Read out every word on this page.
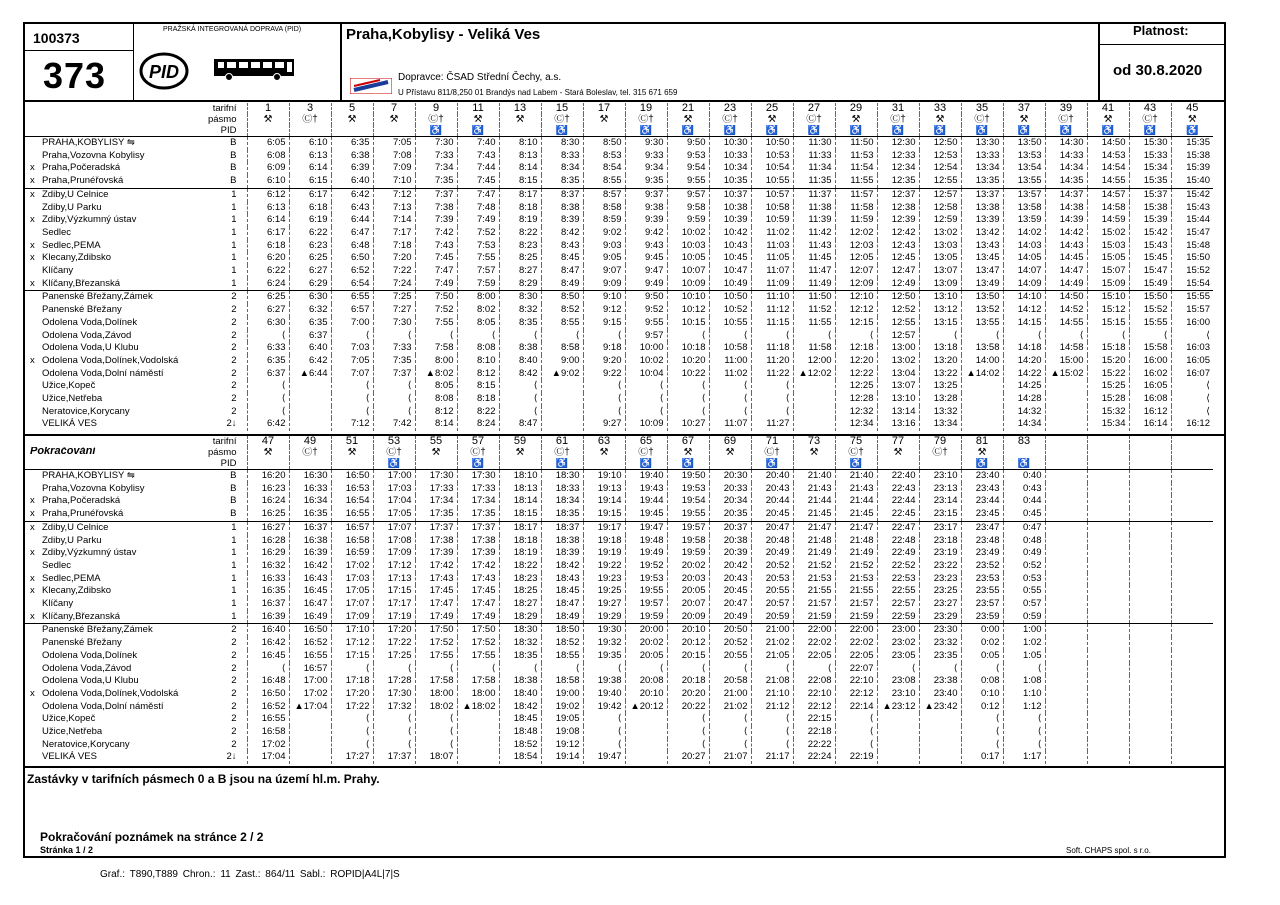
100373
373
PRAŽSKÁ INTEGROVANÁ DOPRAVA (PID)
PID
Praha,Kobylisy - Veliká Ves
Dopravce: ČSAD Střední Čechy, a.s.
U Přístavu 811/8,250 01 Brandýs nad Labem - Stará Boleslav, tel. 315 671 659
Platnost:
od 30.8.2020
tarifní	1	3	5	7	9	11	13	15	17	19	21	23	25	27	29	31	33	35	37	39	41	43	45
pásmo	⚒	Ⓒ†	⚒	⚒	Ⓒ†	⚒	⚒	Ⓒ†	⚒	Ⓒ†	⚒	Ⓒ†	⚒	Ⓒ†	⚒	Ⓒ†	⚒	Ⓒ†	⚒	Ⓒ†	⚒	Ⓒ†	⚒
PID					♿	♿		♿		♿	♿	♿	♿	♿	♿	♿	♿	♿	♿	♿	♿	♿	♿

PRAHA,KOBYLISY ⇋ B	6:05	6:10	6:35	7:05	7:30	7:40	8:10	8:30	8:50	9:30	9:50	10:30	10:50	11:30	11:50	12:30	12:50	13:30	13:50	14:30	14:50	15:30	15:35

Praha,Vozovna Kobylisy B	6:08	6:13	6:38	7:08	7:33	7:43	8:13	8:33	8:53	9:33	9:53	10:33	10:53	11:33	11:53	12:33	12:53	13:33	13:53	14:33	14:53	15:33	15:38

x Praha,Počeradská B	6:09	6:14	6:39	7:09	7:34	7:44	8:14	8:34	8:54	9:34	9:54	10:34	10:54	11:34	11:54	12:34	12:54	13:34	13:54	14:34	14:54	15:34	15:39

x Praha,Prunéřovská B	6:10	6:15	6:40	7:10	7:35	7:45	8:15	8:35	8:55	9:35	9:55	10:35	10:55	11:35	11:55	12:35	12:55	13:35	13:55	14:35	14:55	15:35	15:40

x Zdiby,U Celnice 1	6:12	6:17	6:42	7:12	7:37	7:47	8:17	8:37	8:57	9:37	9:57	10:37	10:57	11:37	11:57	12:37	12:57	13:37	13:57	14:37	14:57	15:37	15:42

Zdiby,U Parku 1	6:13	6:18	6:43	7:13	7:38	7:48	8:18	8:38	8:58	9:38	9:58	10:38	10:58	11:38	11:58	12:38	12:58	13:38	13:58	14:38	14:58	15:38	15:43

x Zdiby,Výzkumný ústav 1	6:14	6:19	6:44	7:14	7:39	7:49	8:19	8:39	8:59	9:39	9:59	10:39	10:59	11:39	11:59	12:39	12:59	13:39	13:59	14:39	14:59	15:39	15:44

Sedlec 1	6:17	6:22	6:47	7:17	7:42	7:52	8:22	8:42	9:02	9:42	10:02	10:42	11:02	11:42	12:02	12:42	13:02	13:42	14:02	14:42	15:02	15:42	15:47

x Sedlec,PEMA 1	6:18	6:23	6:48	7:18	7:43	7:53	8:23	8:43	9:03	9:43	10:03	10:43	11:03	11:43	12:03	12:43	13:03	13:43	14:03	14:43	15:03	15:43	15:48

x Klecany,Zdibsko 1	6:20	6:25	6:50	7:20	7:45	7:55	8:25	8:45	9:05	9:45	10:05	10:45	11:05	11:45	12:05	12:45	13:05	13:45	14:05	14:45	15:05	15:45	15:50

Klíčany 1	6:22	6:27	6:52	7:22	7:47	7:57	8:27	8:47	9:07	9:47	10:07	10:47	11:07	11:47	12:07	12:47	13:07	13:47	14:07	14:47	15:07	15:47	15:52

x Klíčany,Březanská 1	6:24	6:29	6:54	7:24	7:49	7:59	8:29	8:49	9:09	9:49	10:09	10:49	11:09	11:49	12:09	12:49	13:09	13:49	14:09	14:49	15:09	15:49	15:54

Panenské Břežany,Zámek 2	6:25	6:30	6:55	7:25	7:50	8:00	8:30	8:50	9:10	9:50	10:10	10:50	11:10	11:50	12:10	12:50	13:10	13:50	14:10	14:50	15:10	15:50	15:55

Panenské Břežany 2	6:27	6:32	6:57	7:27	7:52	8:02	8:32	8:52	9:12	9:52	10:12	10:52	11:12	11:52	12:12	12:52	13:12	13:52	14:12	14:52	15:12	15:52	15:57

Odolena Voda,Dolínek 2	6:30	6:35	7:00	7:30	7:55	8:05	8:35	8:55	9:15	9:55	10:15	10:55	11:15	11:55	12:15	12:55	13:15	13:55	14:15	14:55	15:15	15:55	16:00

Odolena Voda,Závod 2	⟨	6:37	⟨	⟨	⟨	⟨	⟨	⟨	⟨	9:57	⟨	⟨	⟨	⟨	⟨	12:57	⟨	⟨	⟨	⟨	⟨	⟨	⟨

Odolena Voda,U Klubu 2	6:33	6:40	7:03	7:33	7:58	8:08	8:38	8:58	9:18	10:00	10:18	10:58	11:18	11:58	12:18	13:00	13:18	13:58	14:18	14:58	15:18	15:58	16:03

x Odolena Voda,Dolínek,Vodolská 2	6:35	6:42	7:05	7:35	8:00	8:10	8:40	9:00	9:20	10:02	10:20	11:00	11:20	12:00	12:20	13:02	13:20	14:00	14:20	15:00	15:20	16:00	16:05

Odolena Voda,Dolní náměstí 2	6:37	▲6:44	7:07	7:37	▲8:02	8:12	8:42	▲9:02	9:22	10:04	10:22	11:02	11:22	▲12:02	12:22	13:04	13:22	▲14:02	14:22	▲15:02	15:22	16:02	16:07

Užice,Kopeč 2	⟨		⟨	⟨	8:05	8:15	⟨		⟨	⟨	⟨	⟨	⟨		12:25	13:07	13:25		14:25		15:25	16:05	⟨

Užice,Netřeba 2	⟨		⟨	⟨	8:08	8:18	⟨		⟨	⟨	⟨	⟨	⟨		12:28	13:10	13:28		14:28		15:28	16:08	⟨

Neratovice,Korycany 2	⟨		⟨	⟨	8:12	8:22	⟨		⟨	⟨	⟨	⟨	⟨		12:32	13:14	13:32		14:32		15:32	16:12	⟨

VELIKÁ VES 2↓	6:42		7:12	7:42	8:14	8:24	8:47		9:27	10:09	10:27	11:07	11:27		12:34	13:16	13:34		14:34		15:34	16:14	16:12
tarifní	47	49	51	53	55	57	59	61	63	65	67	69	71	73	75	77	79	81	83				

Pokračování pásmo	⚒	Ⓒ†	⚒	Ⓒ†	⚒	Ⓒ†	⚒	Ⓒ†	⚒	Ⓒ†	⚒	⚒	Ⓒ†	⚒	Ⓒ†	⚒	Ⓒ†	⚒					
PID				♿		♿		♿		♿	♿		♿		♿			♿	♿				

PRAHA,KOBYLISY ⇋ B	16:20	16:30	16:50	17:00	17:30	17:30	18:10	18:30	19:10	19:40	19:50	20:30	20:40	21:40	21:40	22:40	23:10	23:40	0:40				

Praha,Vozovna Kobylisy B	16:23	16:33	16:53	17:03	17:33	17:33	18:13	18:33	19:13	19:43	19:53	20:33	20:43	21:43	21:43	22:43	23:13	23:43	0:43				

x Praha,Počeradská B	16:24	16:34	16:54	17:04	17:34	17:34	18:14	18:34	19:14	19:44	19:54	20:34	20:44	21:44	21:44	22:44	23:14	23:44	0:44				

x Praha,Prunéřovská B	16:25	16:35	16:55	17:05	17:35	17:35	18:15	18:35	19:15	19:45	19:55	20:35	20:45	21:45	21:45	22:45	23:15	23:45	0:45				

x Zdiby,U Celnice 1	16:27	16:37	16:57	17:07	17:37	17:37	18:17	18:37	19:17	19:47	19:57	20:37	20:47	21:47	21:47	22:47	23:17	23:47	0:47				

Zdiby,U Parku 1	16:28	16:38	16:58	17:08	17:38	17:38	18:18	18:38	19:18	19:48	19:58	20:38	20:48	21:48	21:48	22:48	23:18	23:48	0:48				

x Zdiby,Výzkumný ústav 1	16:29	16:39	16:59	17:09	17:39	17:39	18:19	18:39	19:19	19:49	19:59	20:39	20:49	21:49	21:49	22:49	23:19	23:49	0:49				

Sedlec 1	16:32	16:42	17:02	17:12	17:42	17:42	18:22	18:42	19:22	19:52	20:02	20:42	20:52	21:52	21:52	22:52	23:22	23:52	0:52				

x Sedlec,PEMA 1	16:33	16:43	17:03	17:13	17:43	17:43	18:23	18:43	19:23	19:53	20:03	20:43	20:53	21:53	21:53	22:53	23:23	23:53	0:53				

x Klecany,Zdibsko 1	16:35	16:45	17:05	17:15	17:45	17:45	18:25	18:45	19:25	19:55	20:05	20:45	20:55	21:55	21:55	22:55	23:25	23:55	0:55				

Klíčany 1	16:37	16:47	17:07	17:17	17:47	17:47	18:27	18:47	19:27	19:57	20:07	20:47	20:57	21:57	21:57	22:57	23:27	23:57	0:57				

x Klíčany,Březanská 1	16:39	16:49	17:09	17:19	17:49	17:49	18:29	18:49	19:29	19:59	20:09	20:49	20:59	21:59	21:59	22:59	23:29	23:59	0:59				

Panenské Břežany,Zámek 2	16:40	16:50	17:10	17:20	17:50	17:50	18:30	18:50	19:30	20:00	20:10	20:50	21:00	22:00	22:00	23:00	23:30	0:00	1:00				

Panenské Břežany 2	16:42	16:52	17:12	17:22	17:52	17:52	18:32	18:52	19:32	20:02	20:12	20:52	21:02	22:02	22:02	23:02	23:32	0:02	1:02				

Odolena Voda,Dolínek 2	16:45	16:55	17:15	17:25	17:55	17:55	18:35	18:55	19:35	20:05	20:15	20:55	21:05	22:05	22:05	23:05	23:35	0:05	1:05				

Odolena Voda,Závod 2	⟨	16:57	⟨	⟨	⟨	⟨	⟨	⟨	⟨	⟨	⟨	⟨	⟨	⟨	22:07	⟨	⟨	⟨	⟨				

Odolena Voda,U Klubu 2	16:48	17:00	17:18	17:28	17:58	17:58	18:38	18:58	19:38	20:08	20:18	20:58	21:08	22:08	22:10	23:08	23:38	0:08	1:08				

x Odolena Voda,Dolínek,Vodolská 2	16:50	17:02	17:20	17:30	18:00	18:00	18:40	19:00	19:40	20:10	20:20	21:00	21:10	22:10	22:12	23:10	23:40	0:10	1:10				

Odolena Voda,Dolní náměstí 2	16:52	▲17:04	17:22	17:32	18:02	▲18:02	18:42	19:02	19:42	▲20:12	20:22	21:02	21:12	22:12	22:14	▲23:12	▲23:42	0:12	1:12				

Užice,Kopeč 2	16:55		⟨	⟨	⟨		18:45	19:05	⟨		⟨	⟨	⟨	22:15	⟨			⟨	⟨				

Užice,Netřeba 2	16:58		⟨	⟨	⟨		18:48	19:08	⟨		⟨	⟨	⟨	22:18	⟨			⟨	⟨				

Neratovice,Korycany 2	17:02		⟨	⟨	⟨		18:52	19:12	⟨		⟨	⟨	⟨	22:22	⟨			⟨	⟨				

VELIKÁ VES 2↓	17:04		17:27	17:37	18:07		18:54	19:14	19:47		20:27	21:07	21:17	22:24	22:19			0:17	1:17				
Zastávky v tarifních pásmech 0 a B jsou na území hl.m. Prahy.
Pokračování poznámek na stránce 2 / 2
Stránka 1 / 2	Soft. CHAPS spol. s r.o.
Graf.: T890,T889 Chron.: 11 Zast.: 864/11 Sabl.: ROPID|A4L|7|S
